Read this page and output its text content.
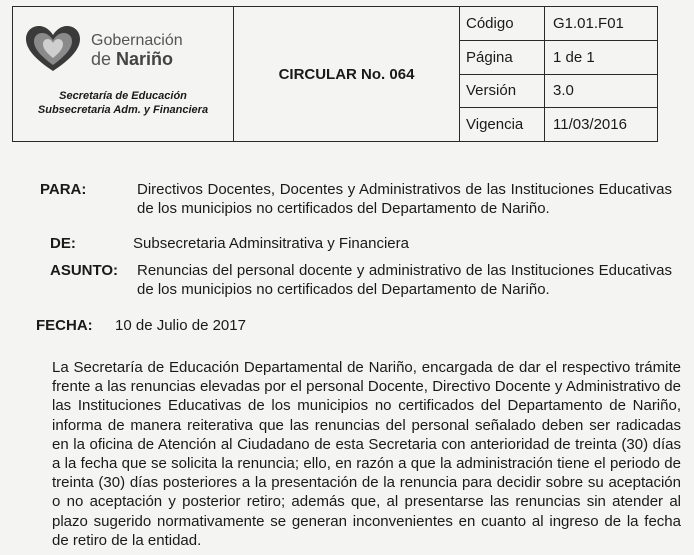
Gobernación
de Nariño
Secretaría de Educación
Subsecretaria Adm. y Financiera	CIRCULAR No. 064	Código	G1.01.F01
		Página	1 de 1
		Versión	3.0
		Vigencia	11/03/2016
PARA:	Directivos Docentes, Docentes y Administrativos de las Instituciones Educativas de los municipios no certificados del Departamento de Nariño.
DE:	Subsecretaria Adminsitrativa y Financiera
ASUNTO: Renuncias del personal docente y administrativo de las Instituciones Educativas de los municipios no certificados del Departamento de Nariño.
FECHA: 10 de Julio de 2017
La Secretaría de Educación Departamental de Nariño, encargada de dar el respectivo trámite frente a las renuncias elevadas por el personal Docente, Directivo Docente y Administrativo de las Instituciones Educativas de los municipios no certificados del Departamento de Nariño, informa de manera reiterativa que las renuncias del personal señalado deben ser radicadas en la oficina de Atención al Ciudadano de esta Secretaria con anterioridad de treinta (30) días a la fecha que se solicita la renuncia; ello, en razón a que la administración tiene el periodo de treinta (30) días posteriores a la presentación de la renuncia para decidir sobre su aceptación o no aceptación y posterior retiro; además que, al presentarse las renuncias sin atender al plazo sugerido normativamente se generan inconvenientes en cuanto al ingreso de la fecha de retiro de la entidad.
